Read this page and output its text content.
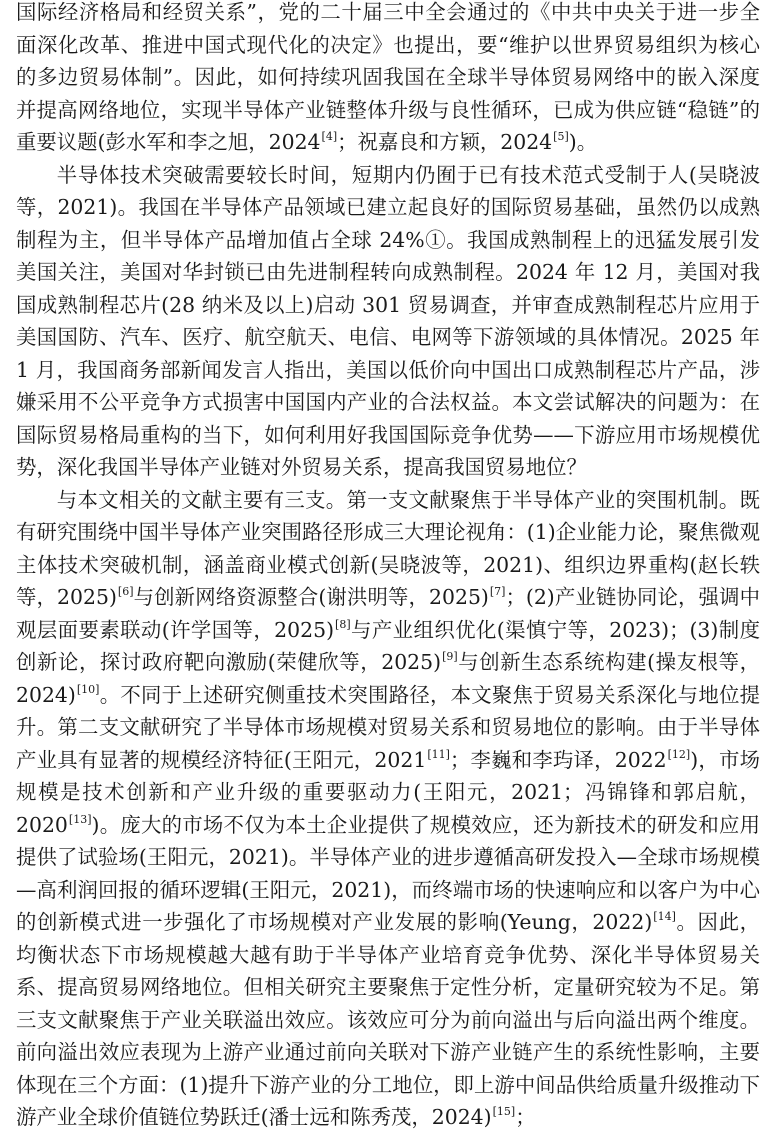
国际经济格局和经贸关系”，党的二十届三中全会通过的《中共中央关于进一步全面深化改革、推进中国式现代化的决定》也提出，要“维护以世界贸易组织为核心的多边贸易体制”。因此，如何持续巩固我国在全球半导体贸易网络中的嵌入深度并提高网络地位，实现半导体产业链整体升级与良性循环，已成为供应链“稳链”的重要议题(彭水军和李之旭，2024[4]；祝嘉良和方颖，2024[5])。

半导体技术突破需要较长时间，短期内仍囿于已有技术范式受制于人(吴晓波等，2021)。我国在半导体产品领域已建立起良好的国际贸易基础，虽然仍以成熟制程为主，但半导体产品增加值占全球 24%①。我国成熟制程上的迅猛发展引发美国关注，美国对华封锁已由先进制程转向成熟制程。2024 年 12 月，美国对我国成熟制程芯片(28 纳米及以上)启动 301 贸易调查，并审查成熟制程芯片应用于美国国防、汽车、医疗、航空航天、电信、电网等下游领域的具体情况。2025 年 1 月，我国商务部新闻发言人指出，美国以低价向中国出口成熟制程芯片产品，涉嫌采用不公平竞争方式损害中国国内产业的合法权益。本文尝试解决的问题为：在国际贸易格局重构的当下，如何利用好我国国际竞争优势——下游应用市场规模优势，深化我国半导体产业链对外贸易关系，提高我国贸易地位？

与本文相关的文献主要有三支。第一支文献聚焦于半导体产业的突围机制。既有研究围绕中国半导体产业突围路径形成三大理论视角：(1)企业能力论，聚焦微观主体技术突破机制，涵盖商业模式创新(吴晓波等，2021)、组织边界重构(赵长轶等，2025)[6]与创新网络资源整合(谢洪明等，2025)[7]；(2)产业链协同论，强调中观层面要素联动(许学国等，2025)[8]与产业组织优化(渠慎宁等，2023)；(3)制度创新论，探讨政府靶向激励(荣健欣等，2025)[9]与创新生态系统构建(操友根等，2024)[10]。不同于上述研究侧重技术突围路径，本文聚焦于贸易关系深化与地位提升。第二支文献研究了半导体市场规模对贸易关系和贸易地位的影响。由于半导体产业具有显著的规模经济特征(王阳元，2021[11]；李巍和李玙译，2022[12])，市场规模是技术创新和产业升级的重要驱动力(王阳元，2021；冯锦锋和郭启航，2020[13])。庞大的市场不仅为本土企业提供了规模效应，还为新技术的研发和应用提供了试验场(王阳元，2021)。半导体产业的进步遵循高研发投入—全球市场规模—高利润回报的循环逻辑(王阳元，2021)，而终端市场的快速响应和以客户为中心的创新模式进一步强化了市场规模对产业发展的影响(Yeung，2022)[14]。因此，均衡状态下市场规模越大越有助于半导体产业培育竞争优势、深化半导体贸易关系、提高贸易网络地位。但相关研究主要聚焦于定性分析，定量研究较为不足。第三支文献聚焦于产业关联溢出效应。该效应可分为前向溢出与后向溢出两个维度。前向溢出效应表现为上游产业通过前向关联对下游产业链产生的系统性影响，主要体现在三个方面：(1)提升下游产业的分工地位，即上游中间品供给质量升级推动下游产业全球价值链位势跃迁(潘士远和陈秀茂，2024)[15]；
